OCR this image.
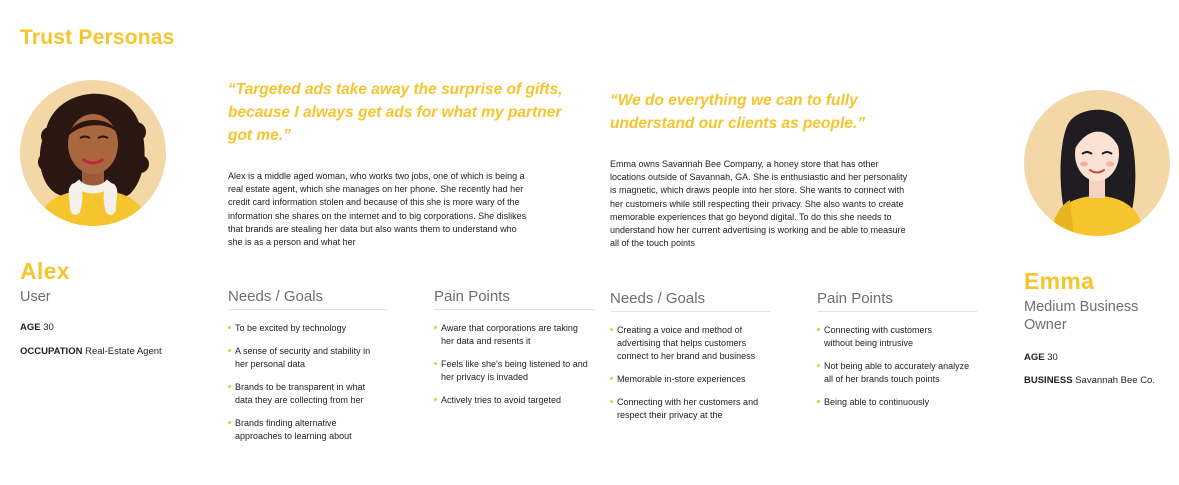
Trust Personas
Alex
User
AGE 30
OCCUPATION Real-Estate Agent
“Targeted ads take away the surprise of gifts, because I always get ads for what my partner got me.”
Alex is a middle aged woman, who works two jobs, one of which is being a real estate agent, which she manages on her phone. She recently had her credit card information stolen and because of this she is more wary of the information she shares on the internet and to big corporations. She dislikes that brands are stealing her data but also wants them to understand who she is as a person and what her
Needs / Goals
To be excited by technology
A sense of security and stability in her personal data
Brands to be transparent in what data they are collecting from her
Brands finding alternative approaches to learning about
Pain Points
Aware that corporations are taking her data and resents it
Feels like she's being listened to and her privacy is invaded
Actively tries to avoid targeted
“We do everything we can to fully understand our clients as people.”
Emma owns Savannah Bee Company, a honey store that has other locations outside of Savannah, GA. She is enthusiastic and her personality is magnetic, which draws people into her store. She wants to connect with her customers while still respecting their privacy. She also wants to create memorable experiences that go beyond digital. To do this she needs to understand how her current advertising is working and be able to measure all of the touch points
Needs / Goals
Creating a voice and method of advertising that helps customers connect to her brand and business
Memorable in-store experiences
Connecting with her customers and respect their privacy at the
Pain Points
Connecting with customers without being intrusive
Not being able to accurately analyze all of her brands touch points
Being able to continuously
Emma
Medium Business Owner
AGE 30
BUSINESS Savannah Bee Co.
